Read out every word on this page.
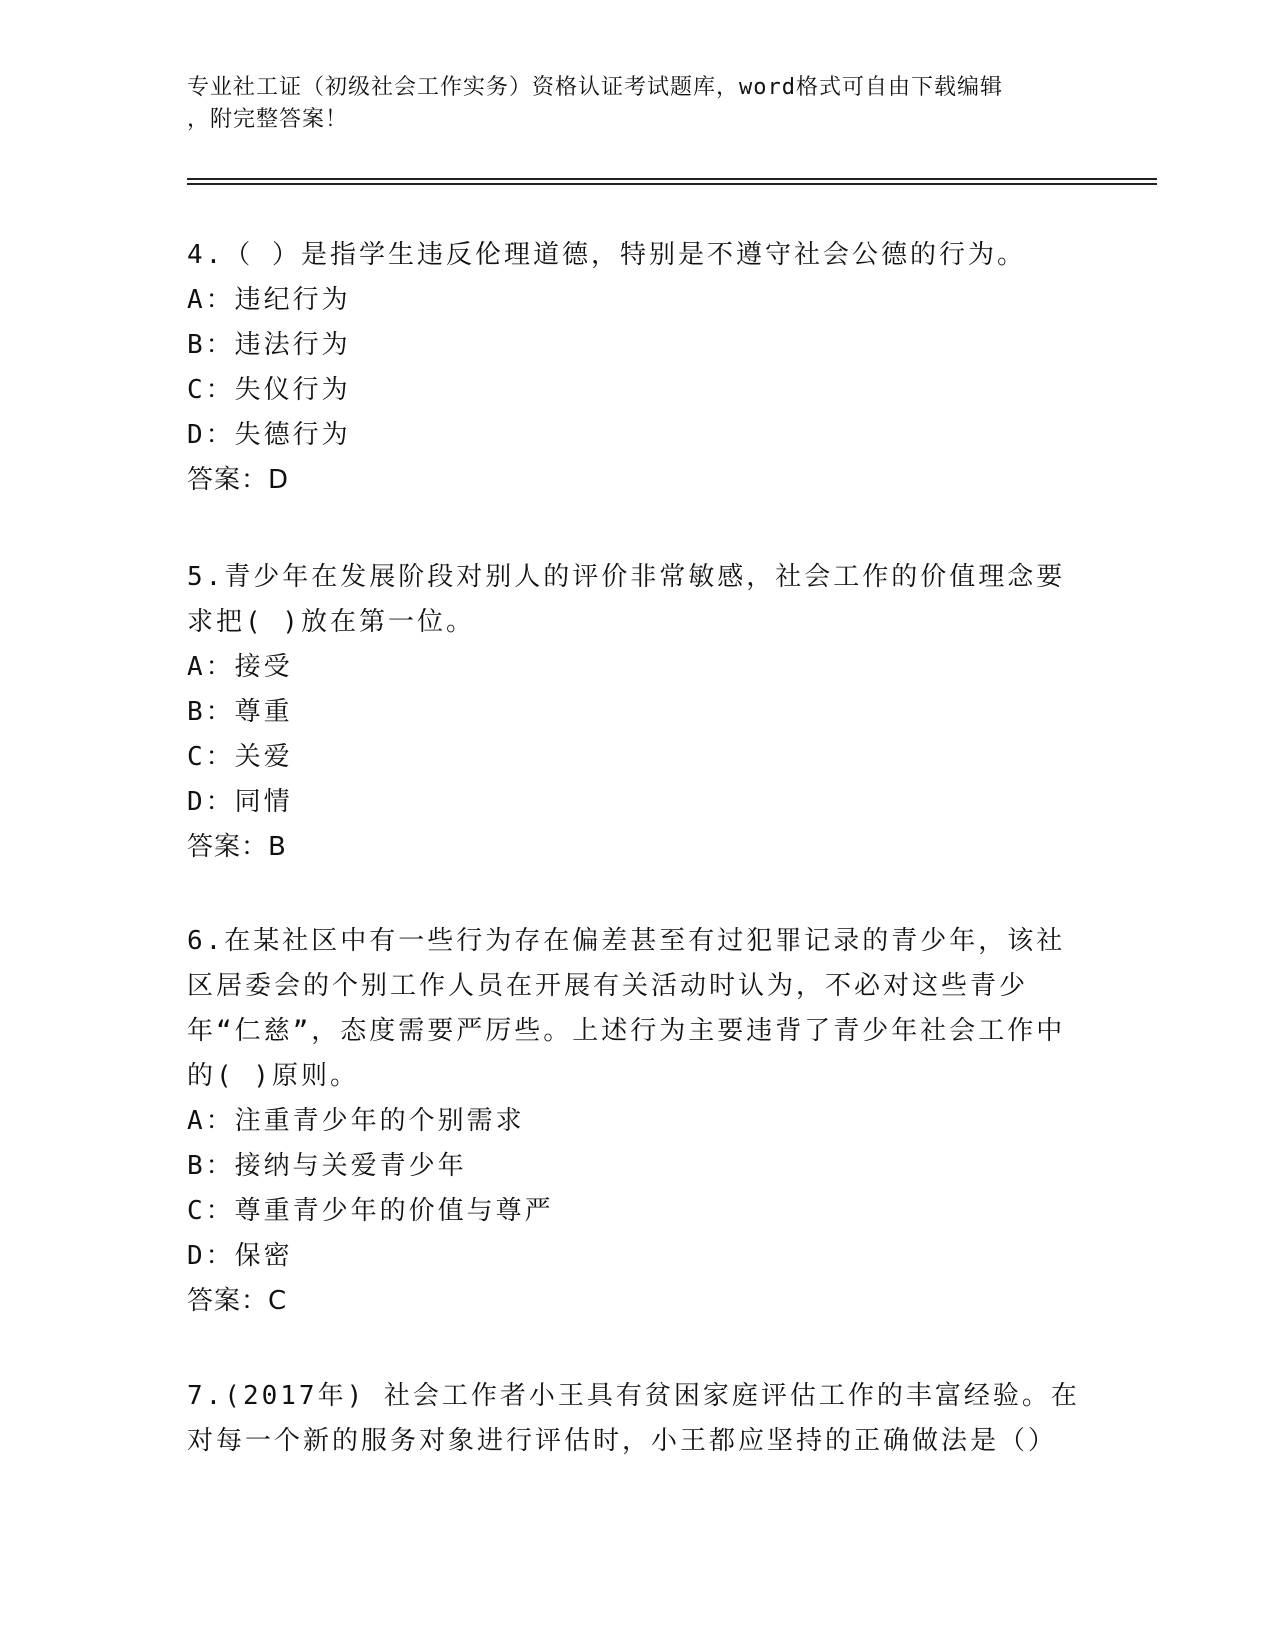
专业社工证（初级社会工作实务）资格认证考试题库，word格式可自由下载编辑
，附完整答案！
4.（ ）是指学生违反伦理道德，特别是不遵守社会公德的行为。
A：违纪行为
B：违法行为
C：失仪行为
D：失德行为
答案：D
5.青少年在发展阶段对别人的评价非常敏感，社会工作的价值理念要求把( )放在第一位。
A：接受
B：尊重
C：关爱
D：同情
答案：B
6.在某社区中有一些行为存在偏差甚至有过犯罪记录的青少年，该社区居委会的个别工作人员在开展有关活动时认为，不必对这些青少年“仁慈”，态度需要严厉些。上述行为主要违背了青少年社会工作中的( )原则。
A：注重青少年的个别需求
B：接纳与关爱青少年
C：尊重青少年的价值与尊严
D：保密
答案：C
7.(2017年) 社会工作者小王具有贫困家庭评估工作的丰富经验。在对每一个新的服务对象进行评估时，小王都应坚持的正确做法是（）
